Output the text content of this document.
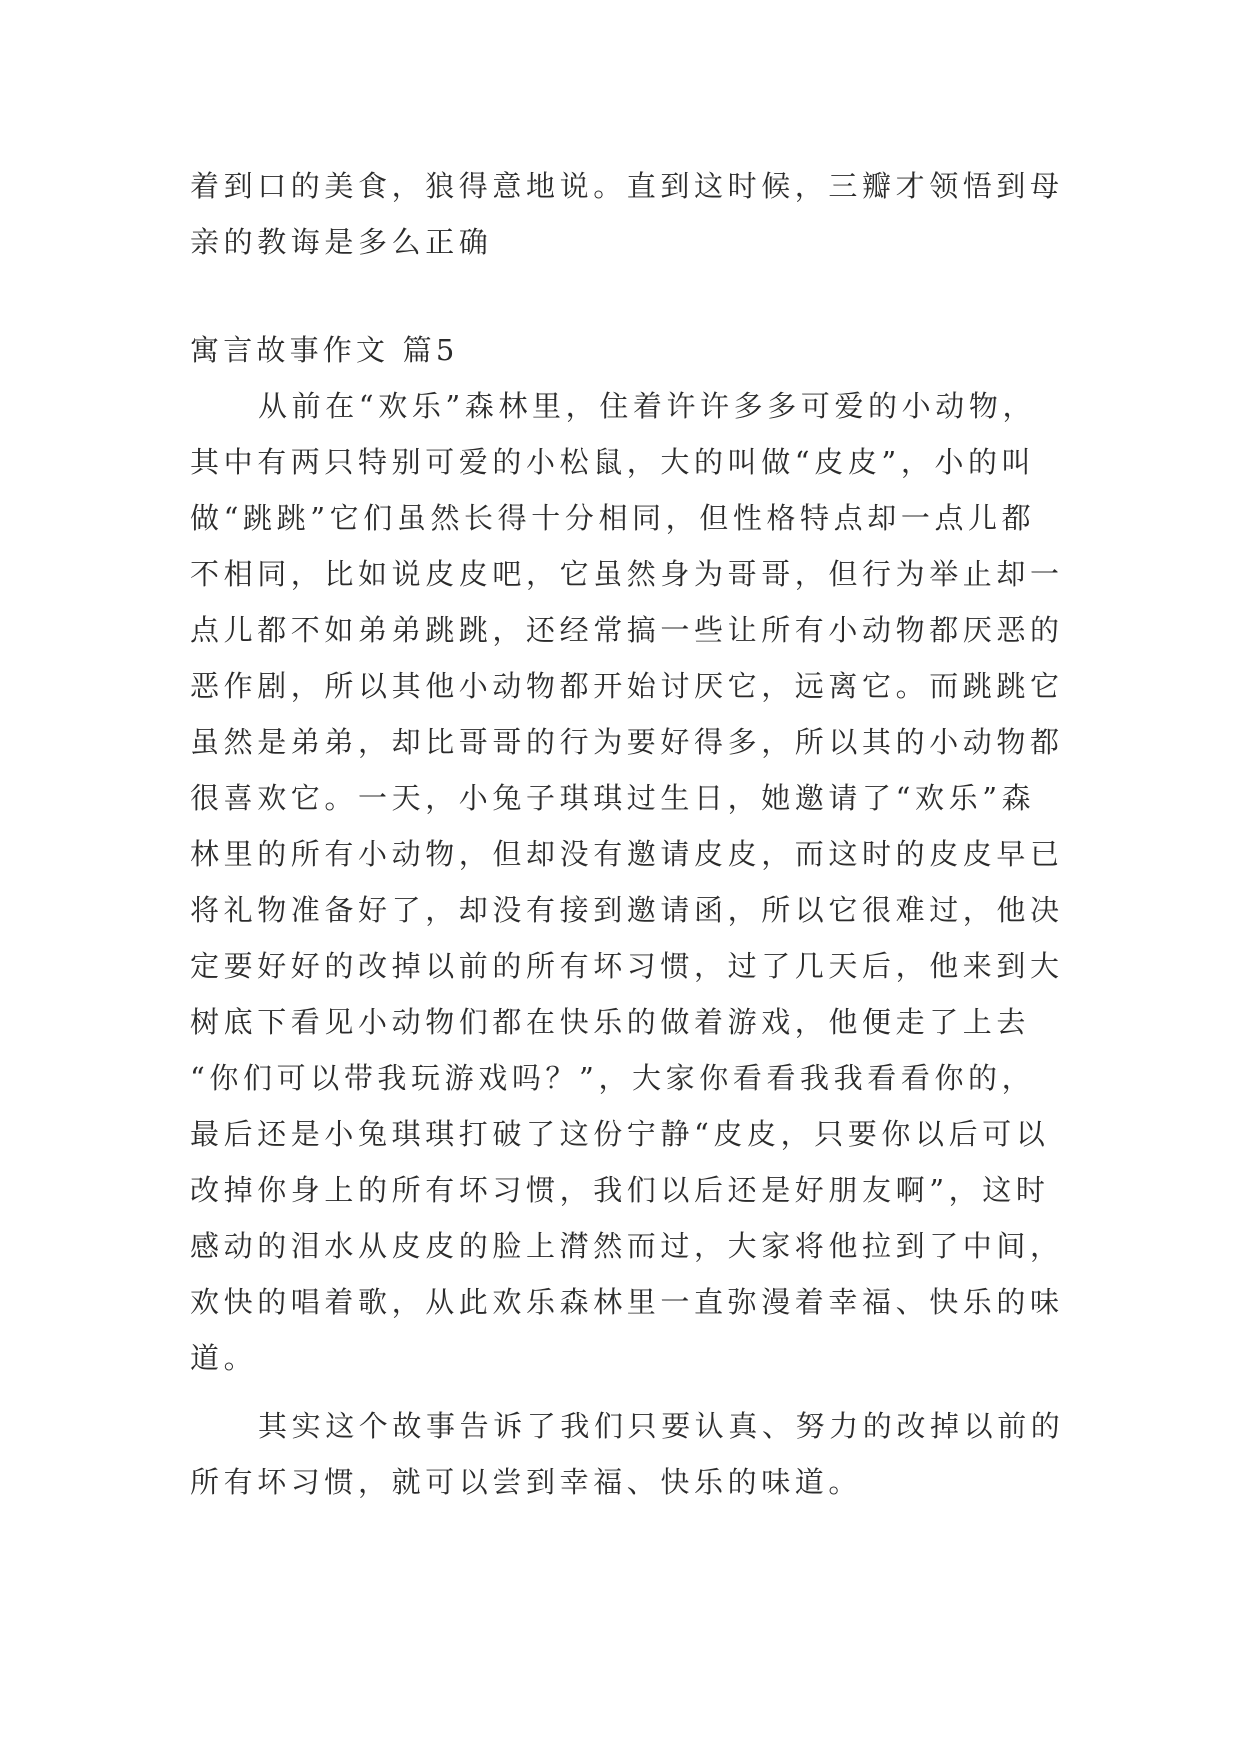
着到口的美食，狼得意地说。直到这时候，三瓣才领悟到母
亲的教诲是多么正确
寓言故事作文 篇5
从前在“欢乐”森林里，住着许许多多可爱的小动物，
其中有两只特别可爱的小松鼠，大的叫做“皮皮”，小的叫
做“跳跳”它们虽然长得十分相同，但性格特点却一点儿都
不相同，比如说皮皮吧，它虽然身为哥哥，但行为举止却一
点儿都不如弟弟跳跳，还经常搞一些让所有小动物都厌恶的
恶作剧，所以其他小动物都开始讨厌它，远离它。而跳跳它
虽然是弟弟，却比哥哥的行为要好得多，所以其的小动物都
很喜欢它。一天，小兔子琪琪过生日，她邀请了“欢乐”森
林里的所有小动物，但却没有邀请皮皮，而这时的皮皮早已
将礼物准备好了，却没有接到邀请函，所以它很难过，他决
定要好好的改掉以前的所有坏习惯，过了几天后，他来到大
树底下看见小动物们都在快乐的做着游戏，他便走了上去
“你们可以带我玩游戏吗？”，大家你看看我我看看你的，
最后还是小兔琪琪打破了这份宁静“皮皮，只要你以后可以
改掉你身上的所有坏习惯，我们以后还是好朋友啊”，这时
感动的泪水从皮皮的脸上潸然而过，大家将他拉到了中间，
欢快的唱着歌，从此欢乐森林里一直弥漫着幸福、快乐的味
道。
其实这个故事告诉了我们只要认真、努力的改掉以前的
所有坏习惯，就可以尝到幸福、快乐的味道。
